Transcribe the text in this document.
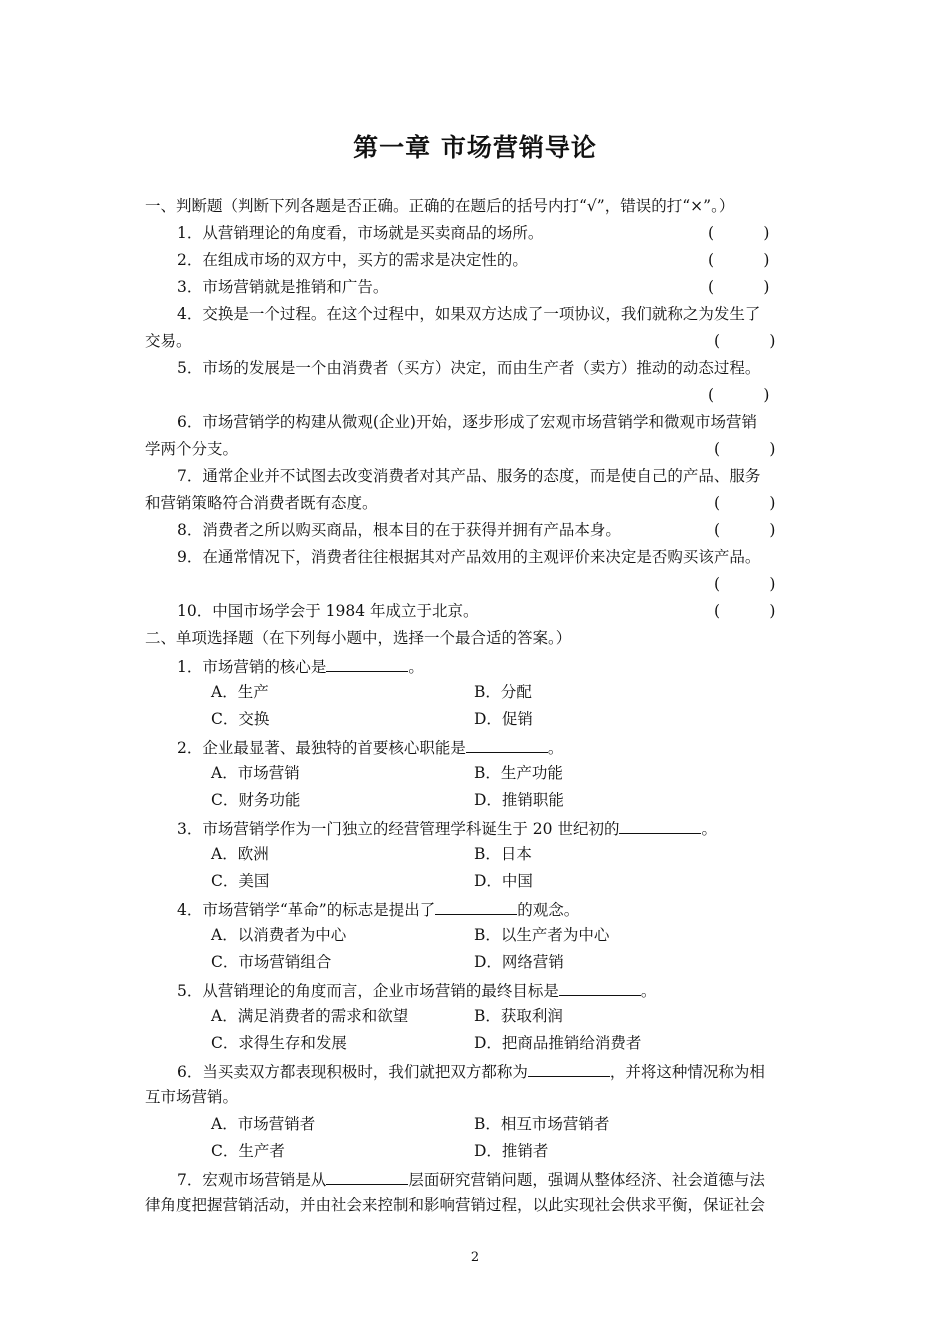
第一章 市场营销导论
一、判断题（判断下列各题是否正确。正确的在题后的括号内打“√”，错误的打“×”。）
1．从营销理论的角度看，市场就是买卖商品的场所。	(          )
2．在组成市场的双方中，买方的需求是决定性的。	(          )
3．市场营销就是推销和广告。	(          )
4．交换是一个过程。在这个过程中，如果双方达成了一项协议，我们就称之为发生了
交易。	(          )
5．市场的发展是一个由消费者（买方）决定，而由生产者（卖方）推动的动态过程。
(          )
6．市场营销学的构建从微观(企业)开始，逐步形成了宏观市场营销学和微观市场营销
学两个分支。	(          )
7．通常企业并不试图去改变消费者对其产品、服务的态度，而是使自己的产品、服务
和营销策略符合消费者既有态度。	(          )
8．消费者之所以购买商品，根本目的在于获得并拥有产品本身。	(          )
9．在通常情况下，消费者往往根据其对产品效用的主观评价来决定是否购买该产品。
(          )
10．中国市场学会于 1984 年成立于北京。	(          )
二、单项选择题（在下列每小题中，选择一个最合适的答案。）
1．市场营销的核心是	。
A．生产	B．分配
C．交换	D．促销
2．企业最显著、最独特的首要核心职能是	。
A．市场营销	B．生产功能
C．财务功能	D．推销职能
3．市场营销学作为一门独立的经营管理学科诞生于 20 世纪初的	。
A．欧洲	B．日本
C．美国	D．中国
4．市场营销学“革命”的标志是提出了	的观念。
A．以消费者为中心	B．以生产者为中心
C．市场营销组合	D．网络营销
5．从营销理论的角度而言，企业市场营销的最终目标是	。
A．满足消费者的需求和欲望	B．获取利润
C．求得生存和发展	D．把商品推销给消费者
6．当买卖双方都表现积极时，我们就把双方都称为	，并将这种情况称为相
互市场营销。
A．市场营销者	B．相互市场营销者
C．生产者	D．推销者
7．宏观市场营销是从	层面研究营销问题，强调从整体经济、社会道德与法
律角度把握营销活动，并由社会来控制和影响营销过程，以此实现社会供求平衡，保证社会
2
